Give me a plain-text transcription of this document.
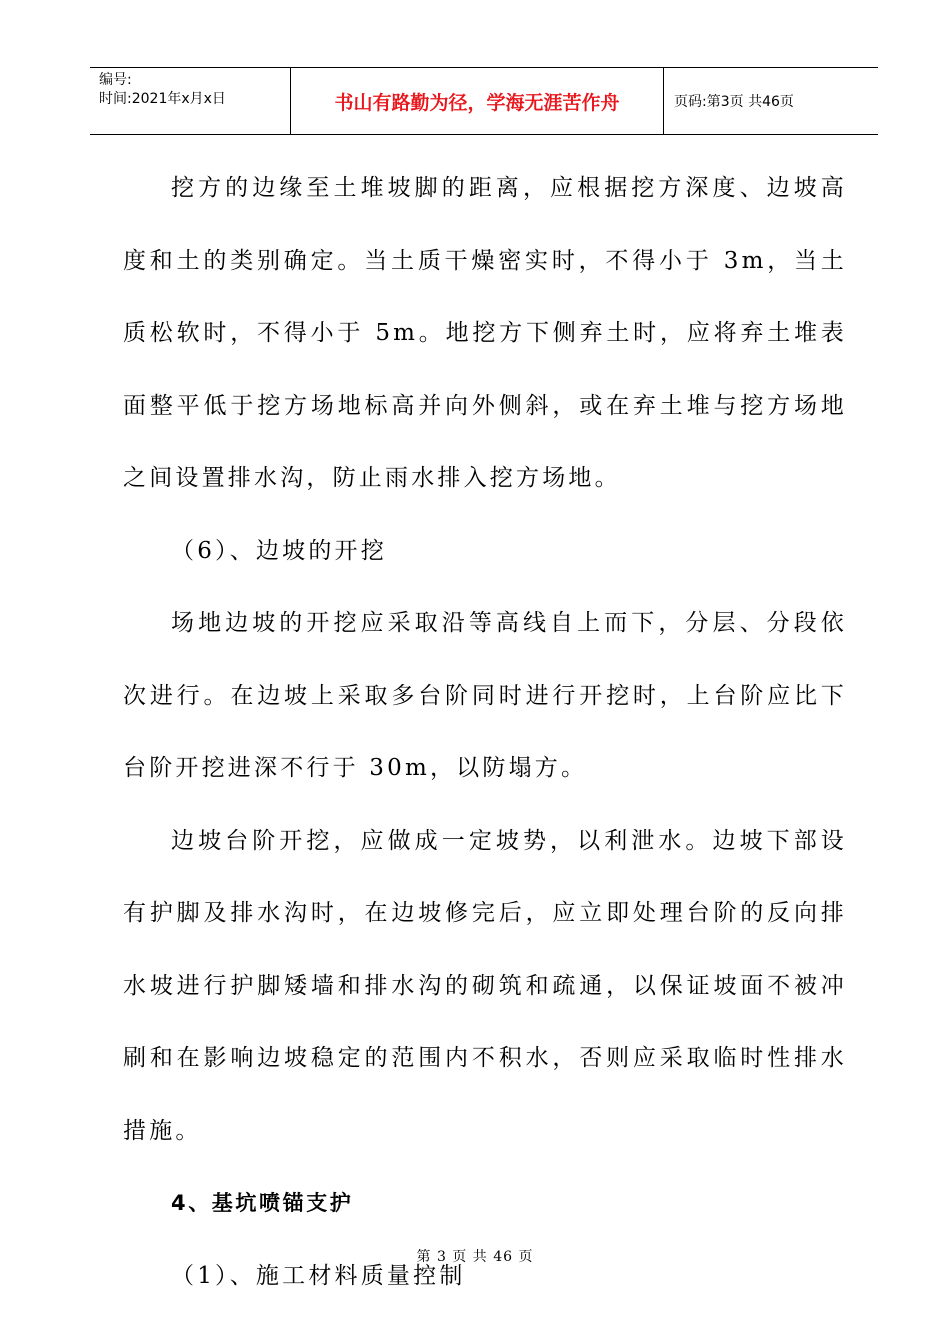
编号:
时间:2021年x月x日	书山有路勤为径，学海无涯苦作舟	页码:第3页 共46页

挖方的边缘至土堆坡脚的距离，应根据挖方深度、边坡高度和土的类别确定。当土质干燥密实时，不得小于 3m，当土质松软时，不得小于 5m。地挖方下侧弃土时，应将弃土堆表面整平低于挖方场地标高并向外侧斜，或在弃土堆与挖方场地之间设置排水沟，防止雨水排入挖方场地。

（6）、边坡的开挖

场地边坡的开挖应采取沿等高线自上而下，分层、分段依次进行。在边坡上采取多台阶同时进行开挖时，上台阶应比下台阶开挖进深不行于 30m，以防塌方。

边坡台阶开挖，应做成一定坡势，以利泄水。边坡下部设有护脚及排水沟时，在边坡修完后，应立即处理台阶的反向排水坡进行护脚矮墙和排水沟的砌筑和疏通，以保证坡面不被冲刷和在影响边坡稳定的范围内不积水，否则应采取临时性排水措施。

4、基坑喷锚支护

（1）、施工材料质量控制

第 3 页 共 46 页
